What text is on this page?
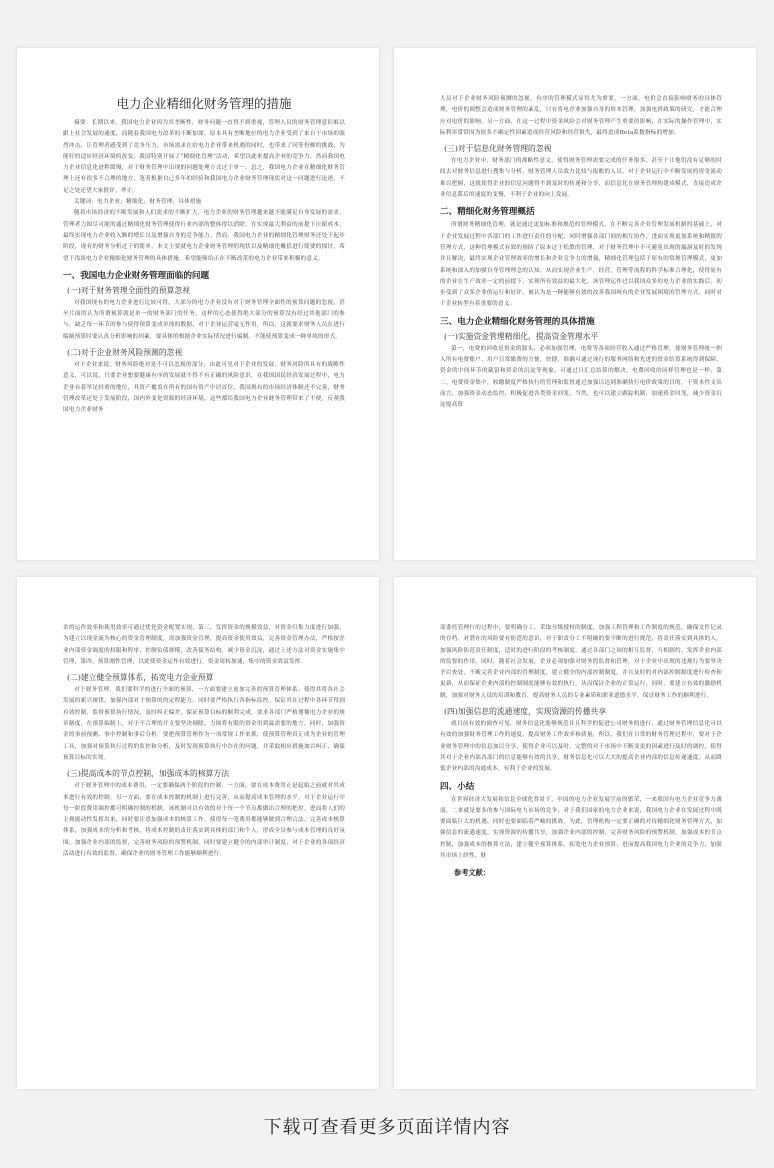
电力企业精细化财务管理的措施

摘要：长期以来，我国电力企业因为其垄断性，财务问题一直得不到重视，管理人员的财务管理意识难以跟上社会发展的速度，而随着我国电力改革的不断加深，原本具有垄断地位的电力企业受到了来自于市场的强烈冲击，让管理者感受到了竞争压力，市场需求在给电力企业带来机遇的同时，也带来了同等份额的挑战，为能好的适应经济环境的改变，我国特别开展了“精细化管理”活动，希望以此来提高企业的竞争力，然而我国电力企业信息化进程缓慢，对于财务管理中出现的问题处理方式过于单一，总之，我国电力企业在精细化财务管理上还有很多不合理的地方，笔者根据自己多年的经验和我国电力企业财务管理现状对这一问题进行论述，不足之处还望大家批评，斧正。

关键词：电力企业；精细化；财务管理；具体措施

随着市场经济的不断发展和人们需求的不断扩大，电力企业的财务管理越来越不能满足自身发展的需求，管理者力图尽可能的通过精细化财务管理使得行业内部的整体得以消除，在实现最大利益的前提下压缩成本，最终实现电力企业收入额的增长以及增强自身的竞争能力。然而，我国电力企业的精细化管理财务还处于起步阶段，现有的财务分析过于的简单，本文主要就电力企业财务管理的现状以及精细化概括进行简要的探讨，希望于浅谈电力企业精细化财务管理的具体措施，希望能够给正在不断改革的电力企业带来积极的意义。

一、我国电力企业财务管理面临的问题
(一)对于财务管理全面性的预算忽视

对我国现有的电力企业进行比较可得，大部分的电力企业没有对于财务管理全面性的预算问题的忽视，甚至片面的认为所谓预算就是单一的财务部门的任务，这样的心态使得绝大部分的预算没有经过其他部门的参与，缺乏每一环节的参与使得预算变成单纯的数据，对于企业运营毫无作用，所以，这就要求财务人员在进行编制预算时要认真分析影响的因素，要具体的根据企业实际情况进行编制，不能使预算变成一种单纯的形式。

(二)对于企业财务风险预测的忽视

对于企业来说，财务风险绝对是不可以忽视的部分，由此可见对于企业的发展，财务风险所具有的战略性意义，可以说，只要企业想要健康有序的发展就不得不有正确的风险意识，在我国国民经济发展过程中，电力企业有着举足轻重的地位，其资产覆盖在所有的国有资产中居首位，我国现有的市场经济体制还不完善，财务管理改革还处于发展阶段，国内外变化资源的经济环境，这些都给我国电力企业财务管理带来了不便，反观我国电力企业财务

人员对于企业财务风险预测的忽视，有序的管理模式显得尤为重要，一方面，电价会直接影响财务的具体管理，电价的调整会造成财务管理的紊乱，只有将电企业加强自身的资本管理，加强电价政策的研究，才能合理应对电价的影响，另一方面，在这一过程中资金风险会对财务管理产生重要的影响，在实际的操作管理中，实际利率常常因为很多不确定性因素造成经营风险和经营损失，最终造成Beta系数指标的增加。

(三)对于信息化财务管理的忽视

在电力企业中，财务部门的战略性意义，使得财务管理需要完成的任务很多，甚至于让他们没有足够的时间去对财务信息进行搜集与分析，财务管理人员效力比较与报账的人员，对于企业运行中不断发展的资金流动难以把握，这就使得企业的信息问题得不到及时的传递和分享，而信息化在财务管理构建成模式，直接造成企业信息滞后的速度的变慢，不利于企业的向上发展。

二、精细化财务管理概括

所谓财务精细化管理，就是通过更加标准和规范的管理模式，在不断完善企业管理发展机制的基础上，对于企业发展过程中各部门的工作进行责任的分配，同时增强各部门间的相互协作，进而实现更加系统和精致的管理方式，这种管理模式有效的预防了原本过于松散的管理，对于财务管理中不可避免出现的漏洞及时的发现并且解决，最终实现企业管理效率的增长和企业竞争力的增强，精细化管理包括于原有的常规管理模式，更加系统和深入的加强自身管理理念的认知，从而实现企业生产，经营，管理等流程的科学标准合理化，使得原有的企业在生产效率一定的前提下，实现所有效益的最大化，该管理运作过以我国众多的电力企业的实践后，初步受到了众多企业的运行和好评，被认为是一种能够有效的改善我国现有的企业发展困境的管理方式，同时对于企业转型有着重要的意义。

三、电力企业精细化财务管理的具体措施
(一)实施资金管理精细化，提高资金管理水平

第一，电费的回收是资金的源头，必须加强管理，电费等各项经营收入通过严格管理，使财务管理统一纳入所有电费账户，用户日常缴费的方便，快捷，准确可通过现行的服务网络和先进的资金结算系统得到保障，资金的中间环节的截留和资金的沉淀等现象，可通过日汇总结算的解决，电费回收的同样管理也是一样，第二，电费资金集中，收缴制度严格执行的管理和监督通过加强以达到准确执行电价政策的目的，于资本性支出而言，加强资金动态监控，积极促进各类资金回笼，当然，也可以建立跟踪机制，加速资金回笼，减少资金沉淀提高资

金的运作效率和使用效率可通过优化资金配置实现，第三，发挥资金的规模效益，对资金归集力度进行加强，为建立以现金流为核心的资金管理制度，需加强资金管理，提高资金使用效益，完善资金管理办法，严格按企业内部资金调度的权限和程序，控制负债规模，改善债务结构，减少资金沉淀，通过上述方法对资金实施集中管理，第四，预算刚性管理，以此使资金运作有效进行，资金周转加速，集中的资金效益发挥。

(二)建立健全预算体系，拓宽电力企业预算

对于财务管理，我们要科学的进行全面的预算，一方面要建立更加完善的预算管理体系，使得其将各社会发展的新兴规律，加强内部对于预算的的定程能力。同时要严格执行各指标监控。保证其在过程中各环节得到有效控制，监督预算执行情况，及时纠正偏差，保证预算目标的顺利完成，要求各部门严格遵循电力企业的规章制度，在预算编制上，对于不合理的开支要坚决剔除，力图将有限的资金用到最需要的地方，同时，加强资金的事前预测、事中控制和事后分析，要把预算管理作为一项常规工作来抓，使预算管理真正成为企业的管理工具，加强对预算执行过程的监控和分析，及时发现预算执行中存在的问题，并采取相应措施加以纠正，确保预算目标的实现。

(三)提高成本的节点控制，加强成本的核算方法

对于财务管理中的成本费用，一定要确保两个阶段的控制，一方面，要在成本费用正是起始之前就对其成本进行有效的控制，另一方面，要在成本控制的机制上进行完善，从而提高成本管理的水平，对于企业运行中每一阶段费用调控都可明确控制的机制，该机制可以有效的对于每一个节点都做出合理的把控，进而将人们的主观能动性发挥出来，同时要注意加强成本的核算工作，使得每一笔费用都能够做到合理合法，完善成本核算体系，加强成本的分析和考核，将成本控制的责任落实到具体的部门和个人，形成全员参与成本管理的良好氛围，加强企业内部的监督，完善财务风险的预警机制，同时要建立健全的内部审计制度，对于企业的各项经济活动进行有效的监督，确保企业的财务管理工作能够顺利进行。

部委托管理行的过程中，要明确分工，采取分级授权的制度，加强工程管理和工作制度的规范，确保文件记录的存档，对潜在的风险要有防范的意识，对于职责分工不明确的要不断的进行规范，将责任落实到具体的人，加强风险防范责任制度，适时的进行阶段的考核制度，通过各部门之间的相互监督，互相制约，发挥企业内部的监督的作用，同时，随着社会发展，企业必须加强对财务的监督和管理，对于企业中出现的违规行为要坚决予以查处，不断完善企业内部的管理制度，建立健全的内部控制制度，并且及时的对内部控制制度进行检查和更新，从而保证企业内部的控制制度能够有效的执行，从而保证企业的正常运行，同时，要建立有效的激励机制，加强对财务人员的培训和教育，提高财务人员的专业素质和职业道德水平，保证财务工作的顺利进行。

(四)加强信息的流通速度，实现资源的传播共享

就目前有效的调查可见，财务信息化能够规范并且科学的促进公司财务的进行，通过财务管理信息化可以有效的加强财务管理工作的速度，提高财务工作效率和质量，所以，我们在日常的财务管理过程中，要对于企业财务管理中的信息加以分享，使得企业可以及时、完整的对于市场中不断变更的因素进行及时的调控，使得其对于企业内部各部门的信息能够有效的共享，财务信息化可以大大的提高企业内部的信息传递速度，从而降低企业内部的沟通成本，有利于企业的发展。

四、小结

在世界经济大发展和信息全球化背景下，中国的电力企业发展空前的繁荣，一来我国有电力企业竞争力薄弱，二来就是要多的参与国际电力市场的竞争，对于我们国家的电力企业来说，我国电力企业在发展过程中既要面临巨大的机遇，同时也要面临着严峻的挑战，为此，管理机构一定要正确的对待精细化财务管理方式，加强信息的流通速度，实现资源的传播共享，加强企业内部的控制，完善财务风险的预警机制，加强成本的节点控制，加强成本的核算方法，建立健全预算体系，拓宽电力企业预算，进而提高我国电力企业的竞争力，加强其市场上经性，财

参考文献：
下载可查看更多页面详情内容
